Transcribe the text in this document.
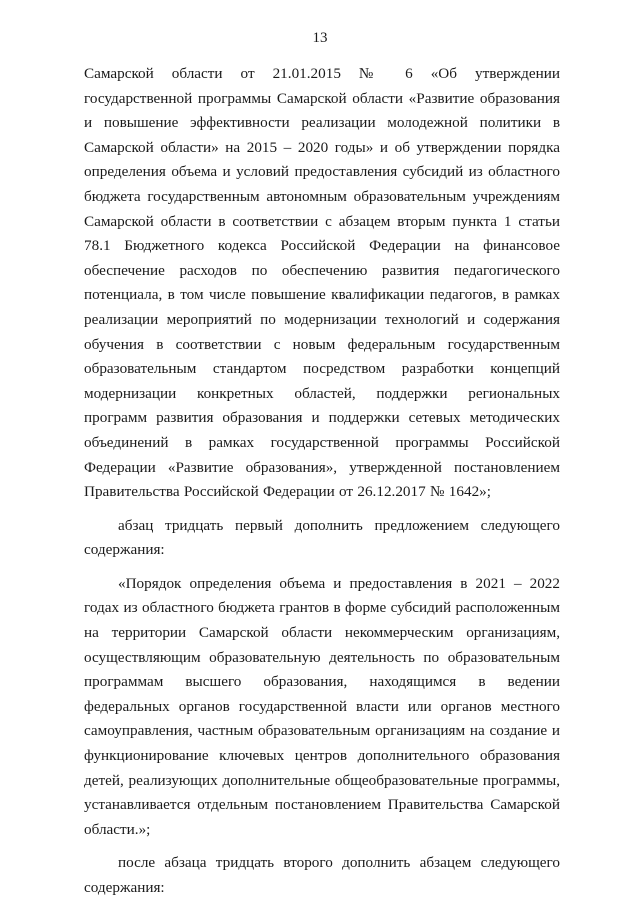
13

Самарской области от 21.01.2015 № 6 «Об утверждении государственной программы Самарской области «Развитие образования и повышение эффективности реализации молодежной политики в Самарской области» на 2015 – 2020 годы» и об утверждении порядка определения объема и условий предоставления субсидий из областного бюджета государственным автономным образовательным учреждениям Самарской области в соответствии с абзацем вторым пункта 1 статьи 78.1 Бюджетного кодекса Российской Федерации на финансовое обеспечение расходов по обеспечению развития педагогического потенциала, в том числе повышение квалификации педагогов, в рамках реализации мероприятий по модернизации технологий и содержания обучения в соответствии с новым федеральным государственным образовательным стандартом посредством разработки концепций модернизации конкретных областей, поддержки региональных программ развития образования и поддержки сетевых методических объединений в рамках государственной программы Российской Федерации «Развитие образования», утвержденной постановлением Правительства Российской Федерации от 26.12.2017 № 1642»;

абзац тридцать первый дополнить предложением следующего содержания:

«Порядок определения объема и предоставления в 2021 – 2022 годах из областного бюджета грантов в форме субсидий расположенным на территории Самарской области некоммерческим организациям, осуществляющим образовательную деятельность по образовательным программам высшего образования, находящимся в ведении федеральных органов государственной власти или органов местного самоуправления, частным образовательным организациям на создание и функционирование ключевых центров дополнительного образования детей, реализующих дополнительные общеобразовательные программы, устанавливается отдельным постановлением Правительства Самарской области.»;

после абзаца тридцать второго дополнить абзацем следующего содержания:
